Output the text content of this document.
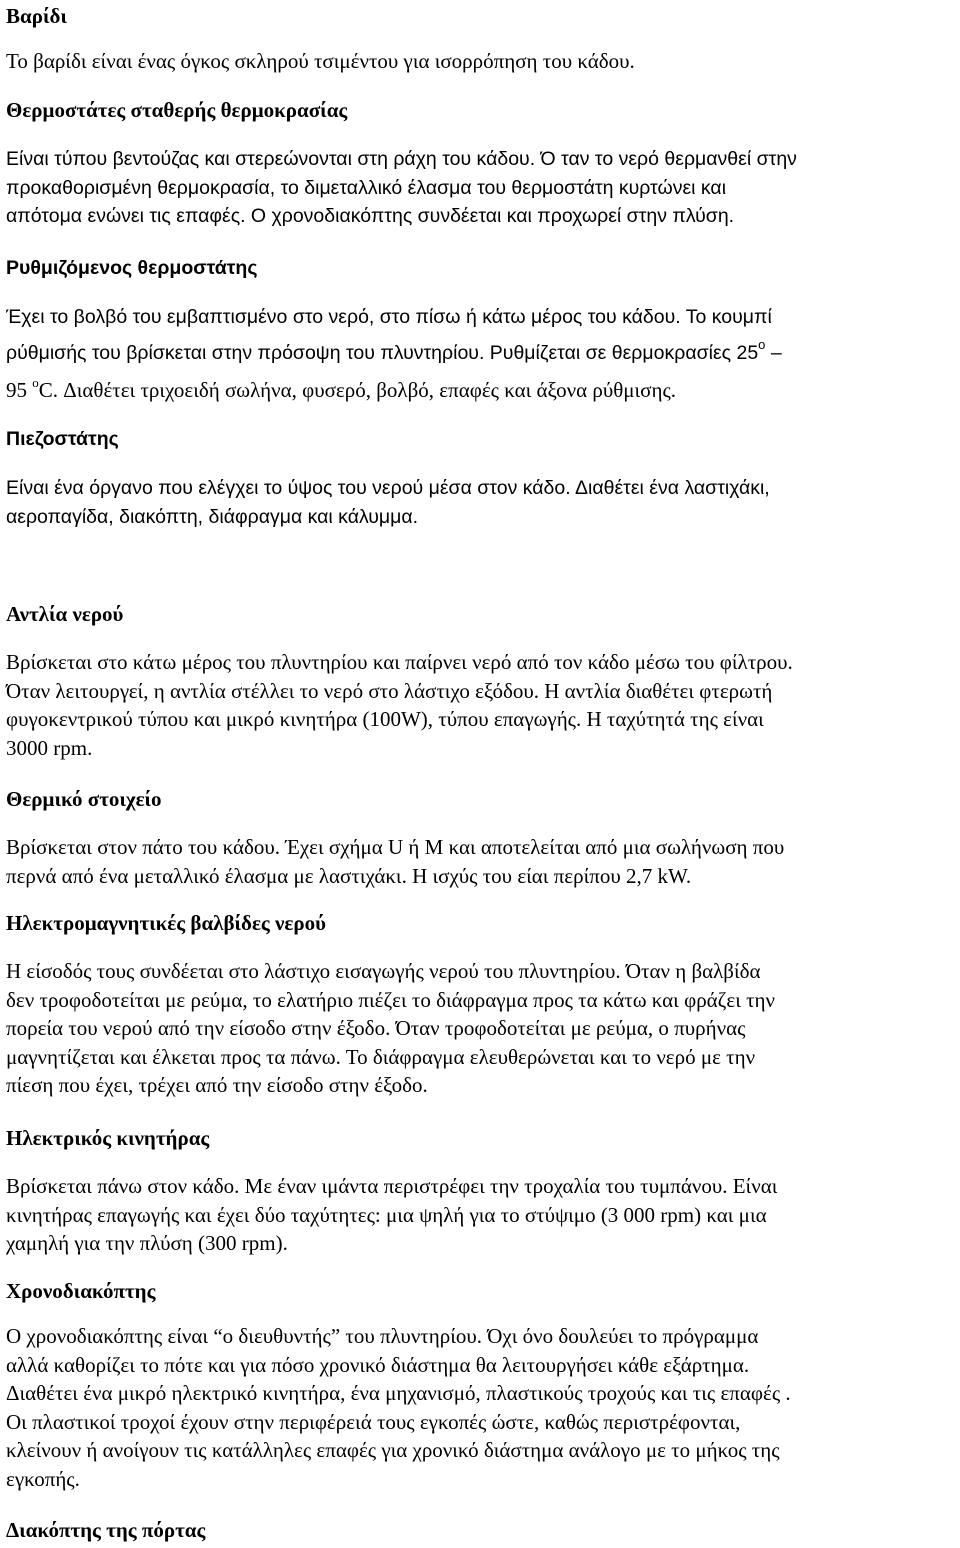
Βαρίδι
Το βαρίδι είναι ένας όγκος σκληρού τσιμέντου για ισορρόπηση του κάδου.
Θερμοστάτες σταθερής θερμοκρασίας
Είναι τύπου βεντούζας και στερεώνονται στη ράχη του κάδου. Ό ταν το νερό θερμανθεί στην
προκαθορισμένη θερμοκρασία, το διμεταλλικό έλασμα του θερμοστάτη κυρτώνει και
απότομα ενώνει τις επαφές. Ο χρονοδιακόπτης συνδέεται και προχωρεί στην πλύση.
Ρυθμιζόμενος θερμοστάτης
Έχει το βολβό του εμβαπτισμένο στο νερό, στο πίσω ή κάτω μέρος του κάδου. Το κουμπί
ρύθμισής του βρίσκεται στην πρόσοψη του πλυντηρίου. Ρυθμίζεται σε θερμοκρασίες 25$^o$ –
95 $^o$C. Διαθέτει τριχοειδή σωλήνα, φυσερό, βολβό, επαφές και άξονα ρύθμισης.
Πιεζοστάτης
Είναι ένα όργανο που ελέγχει το ύψος του νερού μέσα στον κάδο. Διαθέτει ένα λαστιχάκι,
αεροπαγίδα, διακόπτη, διάφραγμα και κάλυμμα.
Αντλία νερού
Βρίσκεται στο κάτω μέρος του πλυντηρίου και παίρνει νερό από τον κάδο μέσω του φίλτρου.
Όταν λειτουργεί, η αντλία στέλλει το νερό στο λάστιχο εξόδου. Η αντλία διαθέτει φτερωτή
φυγοκεντρικού τύπου και μικρό κινητήρα (100W), τύπου επαγωγής. Η ταχύτητά της είναι
3000 rpm.
Θερμικό στοιχείο
Βρίσκεται στον πάτο του κάδου. Έχει σχήμα U ή M και αποτελείται από μια σωλήνωση που
περνά από ένα μεταλλικό έλασμα με λαστιχάκι. Η ισχύς του είαι περίπου 2,7 kW.
Ηλεκτρομαγνητικές βαλβίδες νερού
Η είσοδός τους συνδέεται στο λάστιχο εισαγωγής νερού του πλυντηρίου. Όταν η βαλβίδα
δεν τροφοδοτείται με ρεύμα, το ελατήριο πιέζει το διάφραγμα προς τα κάτω και φράζει την
πορεία του νερού από την είσοδο στην έξοδο. Όταν τροφοδοτείται με ρεύμα, ο πυρήνας
μαγνητίζεται και έλκεται προς τα πάνω. Το διάφραγμα ελευθερώνεται και το νερό με την
πίεση που έχει, τρέχει από την είσοδο στην έξοδο.
Ηλεκτρικός κινητήρας
Βρίσκεται πάνω στον κάδο. Με έναν ιμάντα περιστρέφει την τροχαλία του τυμπάνου. Είναι
κινητήρας επαγωγής και έχει δύο ταχύτητες: μια ψηλή για το στύψιμο (3 000 rpm) και μια
χαμηλή για την πλύση (300 rpm).
Χρονοδιακόπτης
Ο χρονοδιακόπτης είναι “ο διευθυντής” του πλυντηρίου. Όχι όνο δουλεύει το πρόγραμμα
αλλά καθορίζει το πότε και για πόσο χρονικό διάστημα θα λειτουργήσει κάθε εξάρτημα.
Διαθέτει ένα μικρό ηλεκτρικό κινητήρα, ένα μηχανισμό, πλαστικούς τροχούς και τις επαφές .
Οι πλαστικοί τροχοί έχουν στην περιφέρειά τους εγκοπές ώστε, καθώς περιστρέφονται,
κλείνουν ή ανοίγουν τις κατάλληλες επαφές για χρονικό διάστημα ανάλογο με το μήκος της
εγκοπής.
Διακόπτης της πόρτας
